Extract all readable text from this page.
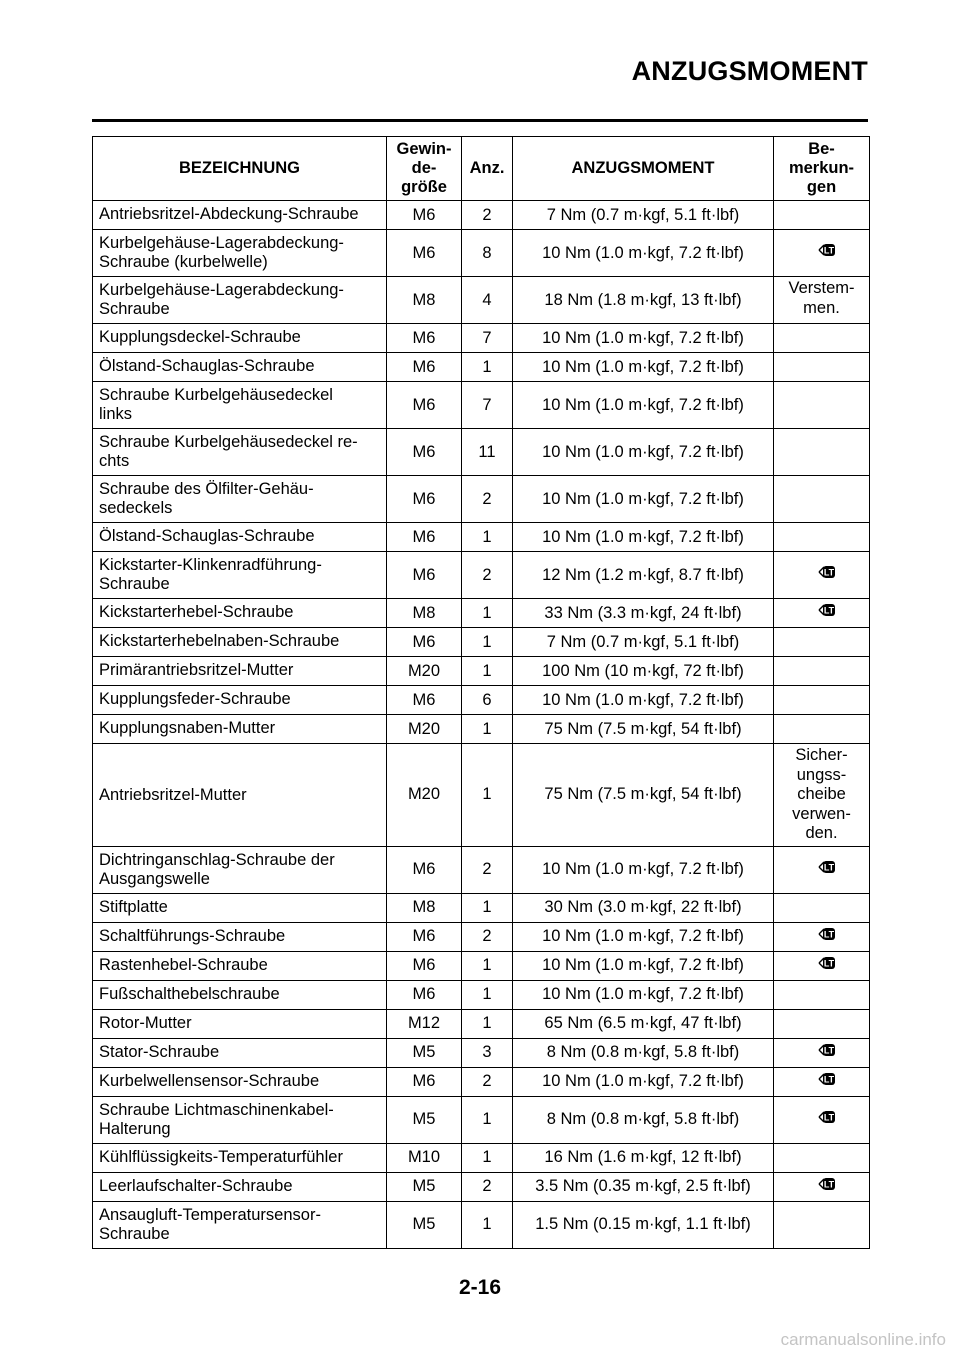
ANZUGSMOMENT
BEZEICHNUNG	Gewin-
de-
größe	Anz.	ANZUGSMOMENT	Be-
merkun-
gen
Antriebsritzel-Abdeckung-Schraube	M6	2	7 Nm (0.7 m·kgf, 5.1 ft·lbf)	
Kurbelgehäuse-Lagerabdeckung-
Schraube (kurbelwelle)	M6	8	10 Nm (1.0 m·kgf, 7.2 ft·lbf)	LT

Kurbelgehäuse-Lagerabdeckung-
Schraube	M8	4	18 Nm (1.8 m·kgf, 13 ft·lbf)	Verstem-
men.
Kupplungsdeckel-Schraube	M6	7	10 Nm (1.0 m·kgf, 7.2 ft·lbf)	
Ölstand-Schauglas-Schraube	M6	1	10 Nm (1.0 m·kgf, 7.2 ft·lbf)	
Schraube Kurbelgehäusedeckel
links	M6	7	10 Nm (1.0 m·kgf, 7.2 ft·lbf)	
Schraube Kurbelgehäusedeckel re-
chts	M6	11	10 Nm (1.0 m·kgf, 7.2 ft·lbf)	
Schraube des Ölfilter-Gehäu-
sedeckels	M6	2	10 Nm (1.0 m·kgf, 7.2 ft·lbf)	
Ölstand-Schauglas-Schraube	M6	1	10 Nm (1.0 m·kgf, 7.2 ft·lbf)	
Kickstarter-Klinkenradführung-
Schraube	M6	2	12 Nm (1.2 m·kgf, 8.7 ft·lbf)	LT

Kickstarterhebel-Schraube	M8	1	33 Nm (3.3 m·kgf, 24 ft·lbf)	LT

Kickstarterhebelnaben-Schraube	M6	1	7 Nm (0.7 m·kgf, 5.1 ft·lbf)	
Primärantriebsritzel-Mutter	M20	1	100 Nm (10 m·kgf, 72 ft·lbf)	
Kupplungsfeder-Schraube	M6	6	10 Nm (1.0 m·kgf, 7.2 ft·lbf)	
Kupplungsnaben-Mutter	M20	1	75 Nm (7.5 m·kgf, 54 ft·lbf)	
Antriebsritzel-Mutter	M20	1	75 Nm (7.5 m·kgf, 54 ft·lbf)	Sicher-
ungss-
cheibe
verwen-
den.
Dichtringanschlag-Schraube der
Ausgangswelle	M6	2	10 Nm (1.0 m·kgf, 7.2 ft·lbf)	LT

Stiftplatte	M8	1	30 Nm (3.0 m·kgf, 22 ft·lbf)	
Schaltführungs-Schraube	M6	2	10 Nm (1.0 m·kgf, 7.2 ft·lbf)	LT

Rastenhebel-Schraube	M6	1	10 Nm (1.0 m·kgf, 7.2 ft·lbf)	LT

Fußschalthebelschraube	M6	1	10 Nm (1.0 m·kgf, 7.2 ft·lbf)	
Rotor-Mutter	M12	1	65 Nm (6.5 m·kgf, 47 ft·lbf)	
Stator-Schraube	M5	3	8 Nm (0.8 m·kgf, 5.8 ft·lbf)	LT

Kurbelwellensensor-Schraube	M6	2	10 Nm (1.0 m·kgf, 7.2 ft·lbf)	LT

Schraube Lichtmaschinenkabel-
Halterung	M5	1	8 Nm (0.8 m·kgf, 5.8 ft·lbf)	LT

Kühlflüssigkeits-Temperaturfühler	M10	1	16 Nm (1.6 m·kgf, 12 ft·lbf)	
Leerlaufschalter-Schraube	M5	2	3.5 Nm (0.35 m·kgf, 2.5 ft·lbf)	LT

Ansaugluft-Temperatursensor-
Schraube	M5	1	1.5 Nm (0.15 m·kgf, 1.1 ft·lbf)	
2-16
carmanualsonline.info
